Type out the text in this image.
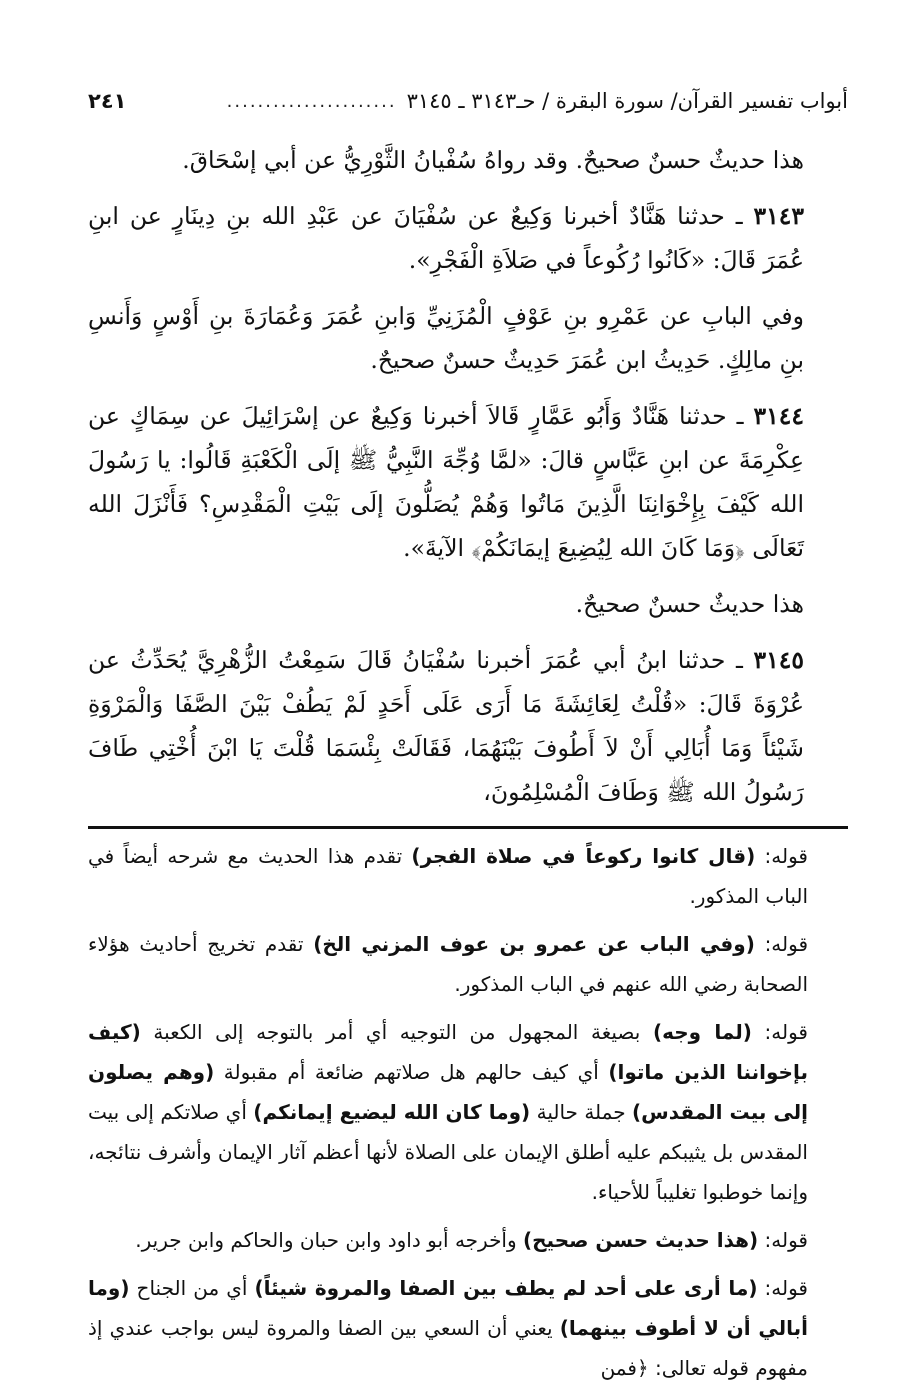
أبواب تفسير القرآن/ سورة البقرة / حـ٣١٤٣ ـ ٣١٤٥
......................
٢٤١

هذا حديثٌ حسنٌ صحيحٌ. وقد رواهُ سُفْيانُ الثَّوْرِيُّ عن أبي إسْحَاقَ.

٣١٤٣ ـ حدثنا هَنَّادٌ أخبرنا وَكِيعٌ عن سُفْيَانَ عن عَبْدِ الله بنِ دِينَارٍ عن ابنِ عُمَرَ قَالَ: «كَانُوا رُكُوعاً في صَلاَةِ الْفَجْرِ».

وفي البابِ عن عَمْرِو بنِ عَوْفٍ الْمُزَنِيِّ وَابنِ عُمَرَ وَعُمَارَةَ بنِ أَوْسٍ وَأَنسِ بنِ مالِكٍ. حَدِيثُ ابن عُمَرَ حَدِيثٌ حسنٌ صحيحٌ.

٣١٤٤ ـ حدثنا هَنَّادٌ وَأَبُو عَمَّارٍ قَالاَ أخبرنا وَكِيعٌ عن إسْرَائِيلَ عن سِمَاكٍ عن عِكْرِمَةَ عن ابنِ عَبَّاسٍ قالَ: «لمَّا وُجِّهَ النَّبِيُّ ﷺ إلَى الْكَعْبَةِ قَالُوا: يا رَسُولَ الله كَيْفَ بِإِخْوَانِنَا الَّذِينَ مَاتُوا وَهُمْ يُصَلُّونَ إلَى بَيْتِ الْمَقْدِسِ؟ فَأَنْزَلَ الله تَعَالَى ﴿وَمَا كَانَ الله لِيُضِيعَ إيمَانَكُمْ﴾ الآيةَ».

هذا حديثٌ حسنٌ صحيحٌ.

٣١٤٥ ـ حدثنا ابنُ أبي عُمَرَ أخبرنا سُفْيَانُ قَالَ سَمِعْتُ الزُّهْرِيَّ يُحَدِّثُ عن عُرْوَةَ قَالَ: «قُلْتُ لِعَائِشَةَ مَا أَرَى عَلَى أَحَدٍ لَمْ يَطُفْ بَيْنَ الصَّفَا وَالْمَرْوَةِ شَيْئاً وَمَا أُبَالِي أَنْ لاَ أَطُوفَ بَيْنَهُمَا، فَقَالَتْ بِئْسَمَا قُلْتَ يَا ابْنَ أُخْتِي طَافَ رَسُولُ الله ﷺ وَطَافَ الْمُسْلِمُونَ،

قوله: (قال كانوا ركوعاً في صلاة الفجر) تقدم هذا الحديث مع شرحه أيضاً في الباب المذكور.

قوله: (وفي الباب عن عمرو بن عوف المزني الخ) تقدم تخريج أحاديث هؤلاء الصحابة رضي الله عنهم في الباب المذكور.

قوله: (لما وجه) بصيغة المجهول من التوجيه أي أمر بالتوجه إلى الكعبة (كيف بإخواننا الذين ماتوا) أي كيف حالهم هل صلاتهم ضائعة أم مقبولة (وهم يصلون إلى بيت المقدس) جملة حالية (وما كان الله ليضيع إيمانكم) أي صلاتكم إلى بيت المقدس بل يثيبكم عليه أطلق الإيمان على الصلاة لأنها أعظم آثار الإيمان وأشرف نتائجه، وإنما خوطبوا تغليباً للأحياء.

قوله: (هذا حديث حسن صحيح) وأخرجه أبو داود وابن حبان والحاكم وابن جرير.

قوله: (ما أرى على أحد لم يطف بين الصفا والمروة شيئاً) أي من الجناح (وما أبالي أن لا أطوف بينهما) يعني أن السعي بين الصفا والمروة ليس بواجب عندي إذ مفهوم قوله تعالى: ﴿فمن
